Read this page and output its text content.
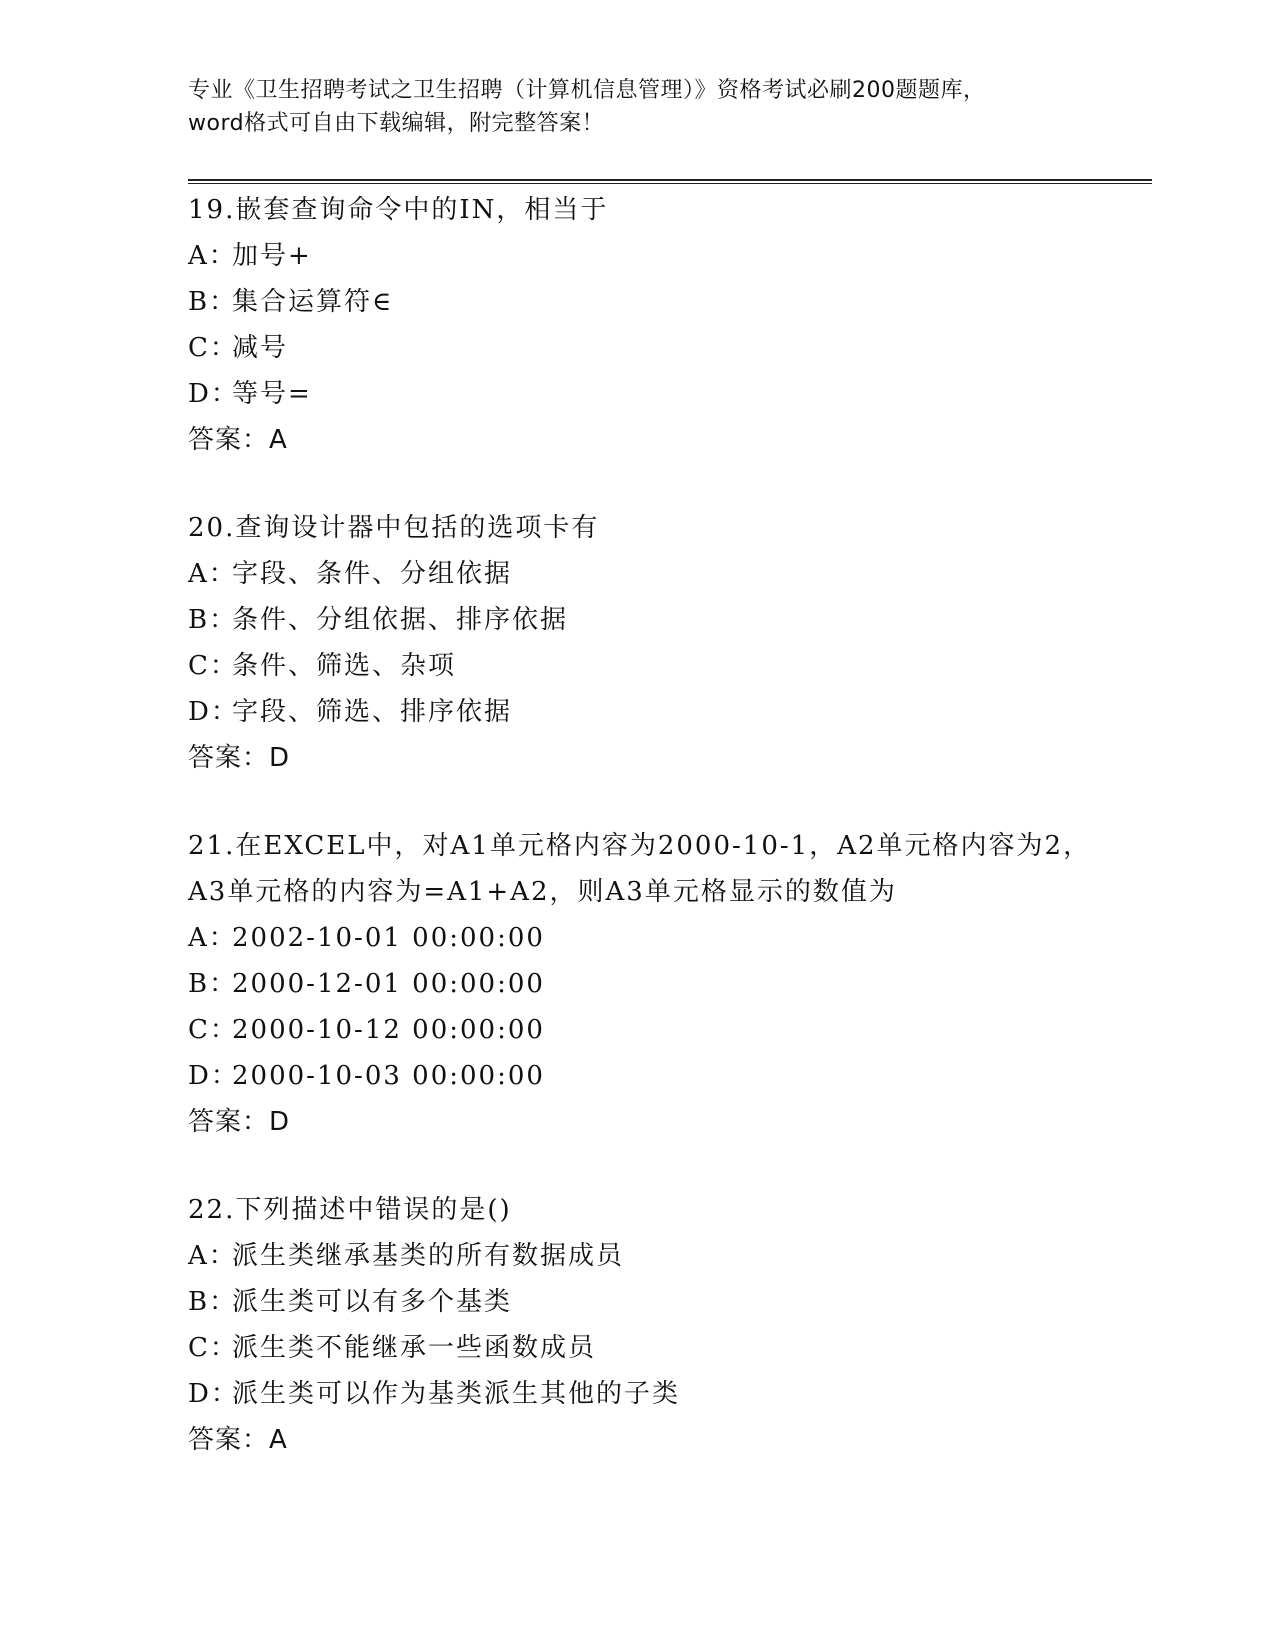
专业《卫生招聘考试之卫生招聘（计算机信息管理）》资格考试必刷200题题库，
word格式可自由下载编辑，附完整答案！
19.嵌套查询命令中的IN，相当于
A：加号+
B：集合运算符∈
C：减号
D：等号=
答案：A
20.查询设计器中包括的选项卡有
A：字段、条件、分组依据
B：条件、分组依据、排序依据
C：条件、筛选、杂项
D：字段、筛选、排序依据
答案：D
21.在EXCEL中，对A1单元格内容为2000-10-1，A2单元格内容为2，
A3单元格的内容为=A1+A2，则A3单元格显示的数值为
A：2002-10-01 00:00:00
B：2000-12-01 00:00:00
C：2000-10-12 00:00:00
D：2000-10-03 00:00:00
答案：D
22.下列描述中错误的是()
A：派生类继承基类的所有数据成员
B：派生类可以有多个基类
C：派生类不能继承一些函数成员
D：派生类可以作为基类派生其他的子类
答案：A
